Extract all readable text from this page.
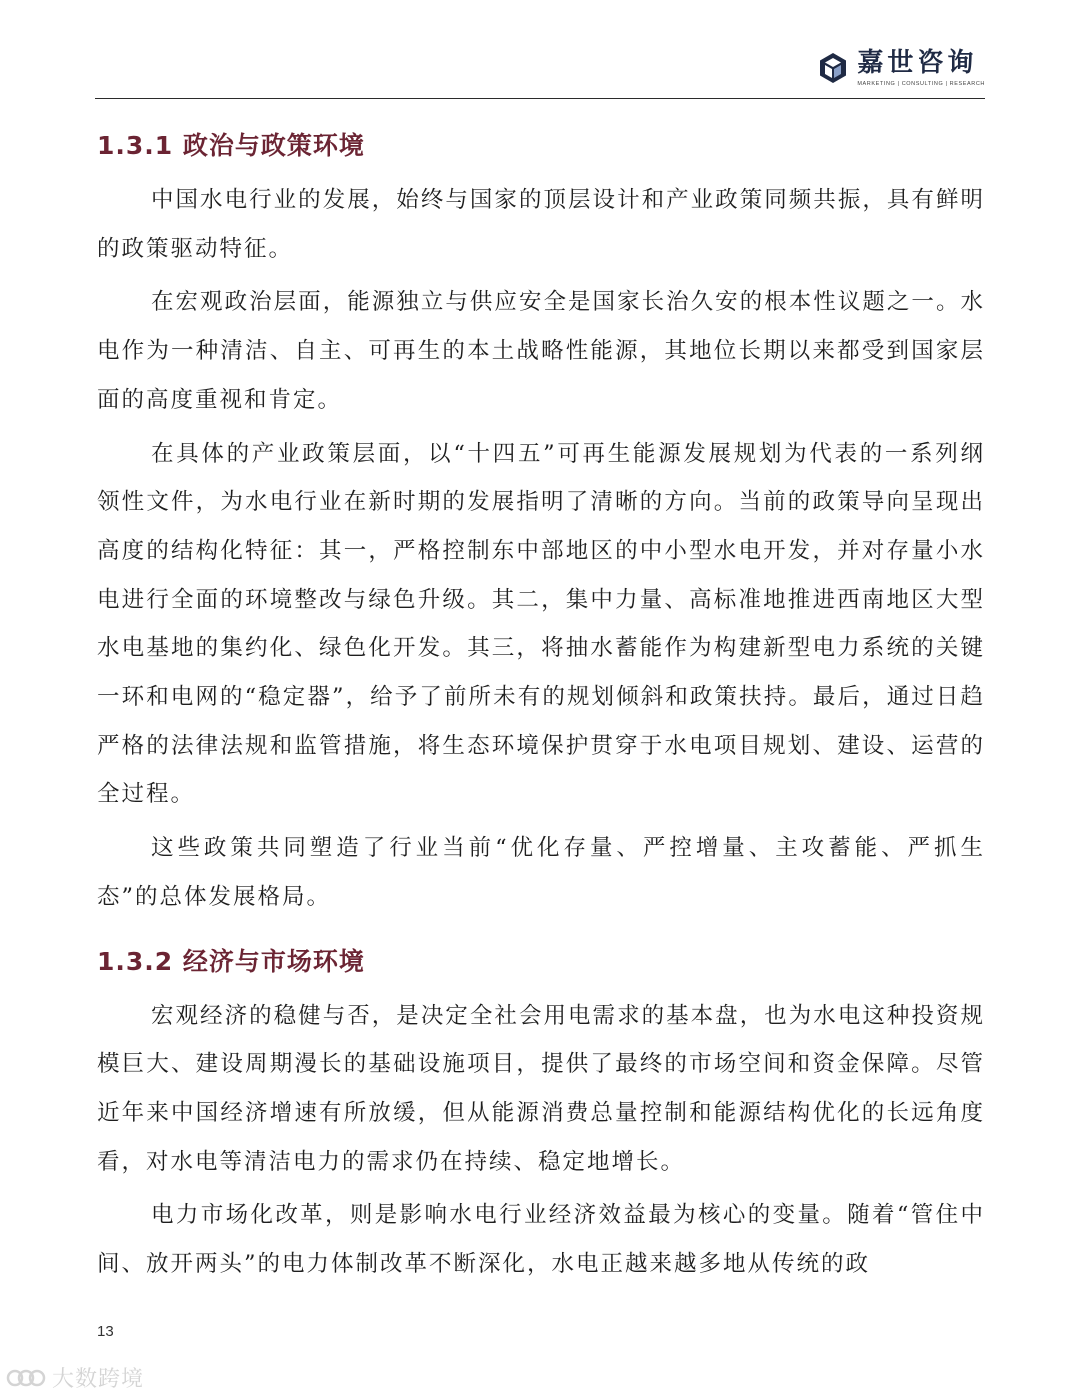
嘉世咨询
MARKETING | CONSULTING | RESEARCH
1.3.1 政治与政策环境

中国水电行业的发展，始终与国家的顶层设计和产业政策同频共振，具有鲜明的政策驱动特征。

在宏观政治层面，能源独立与供应安全是国家长治久安的根本性议题之一。水电作为一种清洁、自主、可再生的本土战略性能源，其地位长期以来都受到国家层面的高度重视和肯定。

在具体的产业政策层面，以“十四五”可再生能源发展规划为代表的一系列纲领性文件，为水电行业在新时期的发展指明了清晰的方向。当前的政策导向呈现出高度的结构化特征：其一，严格控制东中部地区的中小型水电开发，并对存量小水电进行全面的环境整改与绿色升级。其二，集中力量、高标准地推进西南地区大型水电基地的集约化、绿色化开发。其三，将抽水蓄能作为构建新型电力系统的关键一环和电网的“稳定器”，给予了前所未有的规划倾斜和政策扶持。最后，通过日趋严格的法律法规和监管措施，将生态环境保护贯穿于水电项目规划、建设、运营的全过程。

这些政策共同塑造了行业当前“优化存量、严控增量、主攻蓄能、严抓生态”的总体发展格局。

1.3.2 经济与市场环境

宏观经济的稳健与否，是决定全社会用电需求的基本盘，也为水电这种投资规模巨大、建设周期漫长的基础设施项目，提供了最终的市场空间和资金保障。尽管近年来中国经济增速有所放缓，但从能源消费总量控制和能源结构优化的长远角度看，对水电等清洁电力的需求仍在持续、稳定地增长。

电力市场化改革，则是影响水电行业经济效益最为核心的变量。随着“管住中间、放开两头”的电力体制改革不断深化，水电正越来越多地从传统的政

13
大数跨境
